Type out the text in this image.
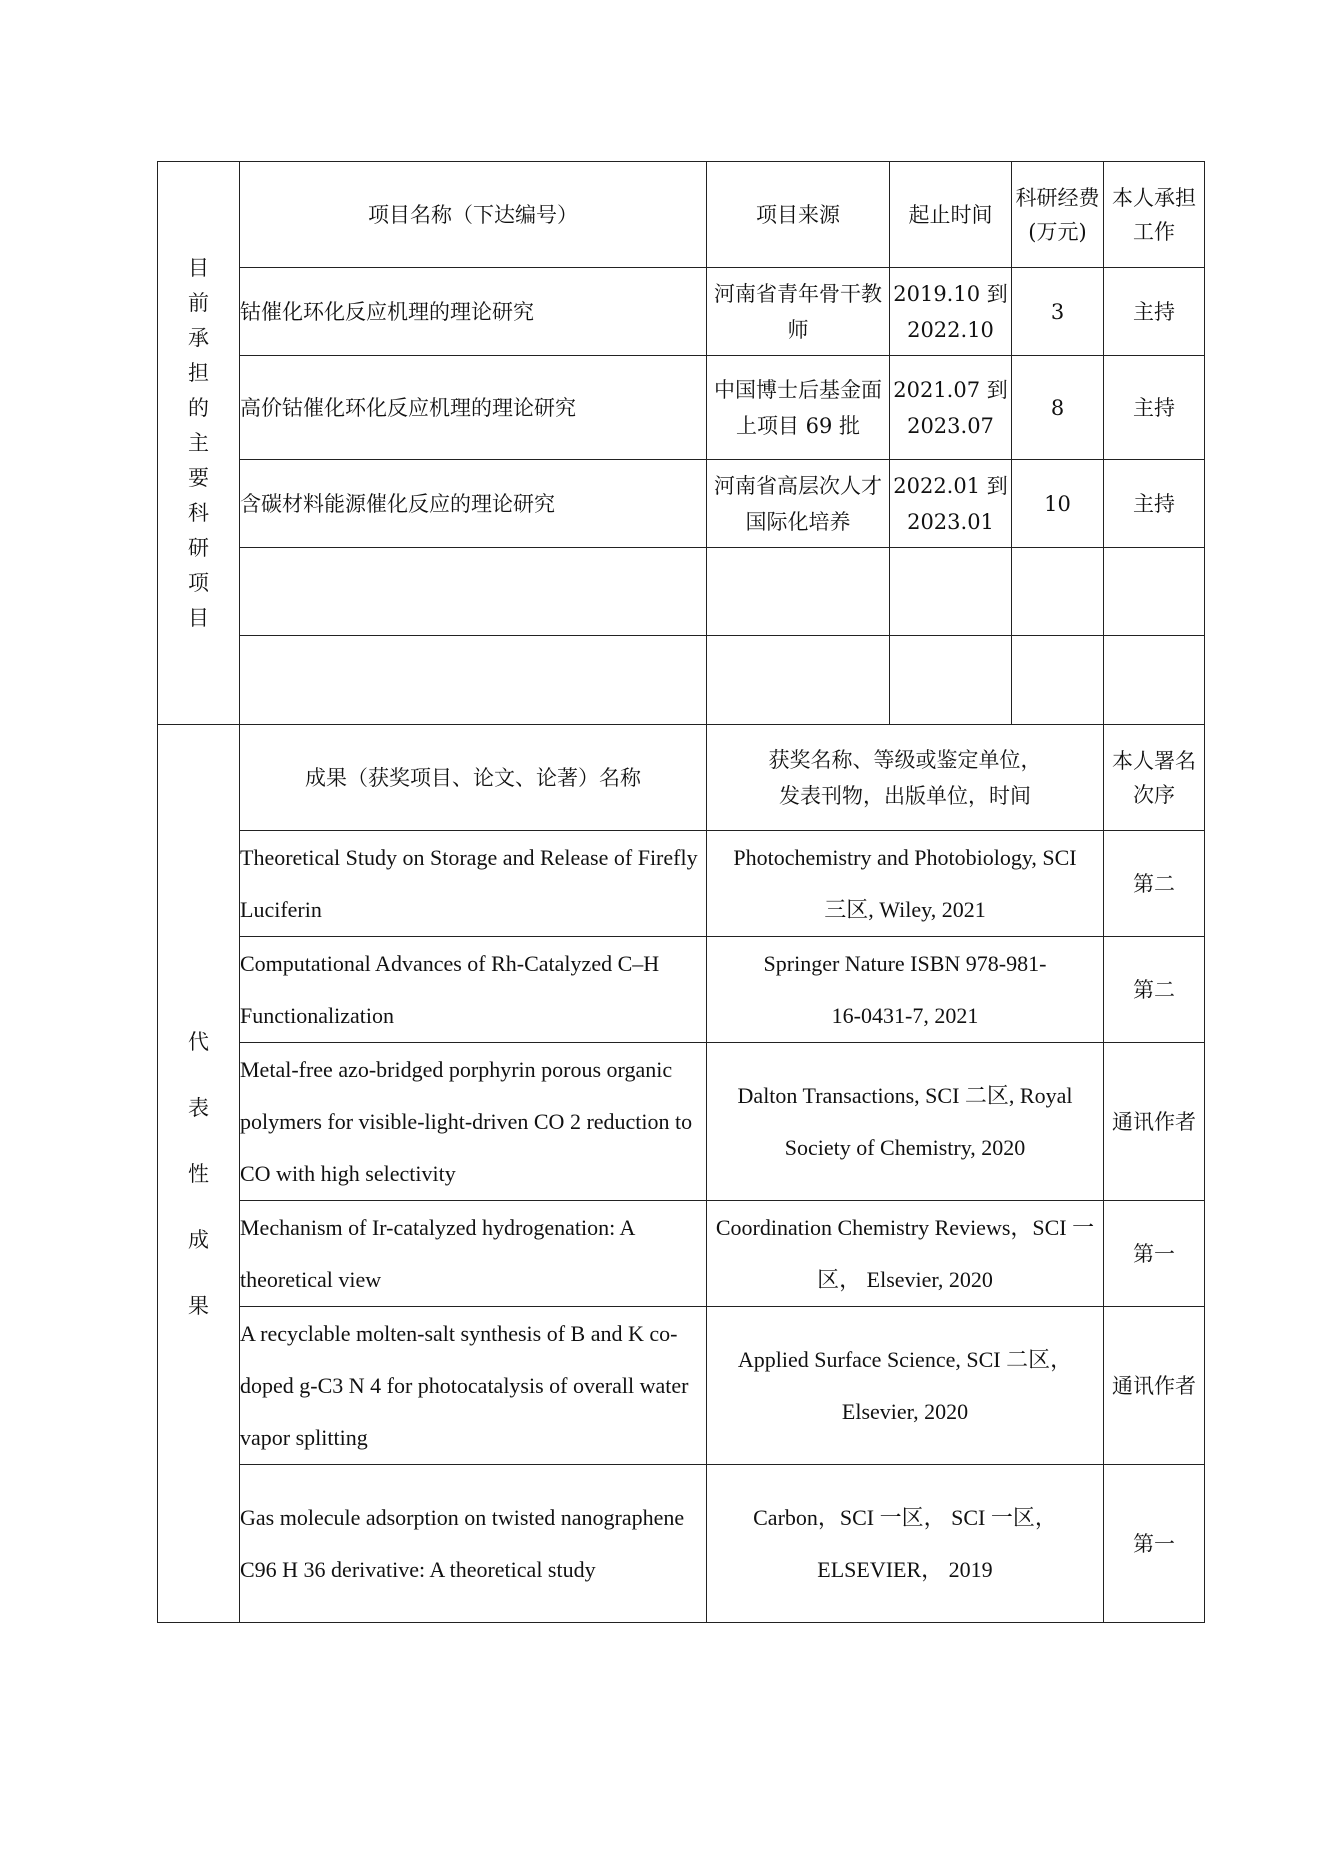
目前承担的主要科研项目	项目名称（下达编号）	项目来源	起止时间	科研经费(万元)	本人承担工作
	钴催化环化反应机理的理论研究	河南省青年骨干教师	2019.10 到 2022.10	3	主持
	高价钴催化环化反应机理的理论研究	中国博士后基金面上项目 69 批	2021.07 到 2023.07	8	主持
	含碳材料能源催化反应的理论研究	河南省高层次人才国际化培养	2022.01 到 2023.01	10	主持

代表性成果	成果（获奖项目、论文、论著）名称	获奖名称、等级或鉴定单位，发表刊物，出版单位，时间			本人署名次序
	Theoretical Study on Storage and Release of Firefly Luciferin	Photochemistry and Photobiology, SCI 三区, Wiley, 2021			第二
	Computational Advances of Rh-Catalyzed C–H Functionalization	Springer Nature ISBN 978-981-16-0431-7, 2021			第二
	Metal-free azo-bridged porphyrin porous organic polymers for visible-light-driven CO 2 reduction to CO with high selectivity	Dalton Transactions, SCI 二区, Royal Society of Chemistry, 2020			通讯作者
	Mechanism of Ir-catalyzed hydrogenation: A theoretical view	Coordination Chemistry Reviews，SCI 一区， Elsevier, 2020			第一
	A recyclable molten-salt synthesis of B and K co-doped g-C3 N 4 for photocatalysis of overall water vapor splitting	Applied Surface Science, SCI 二区， Elsevier, 2020			通讯作者
	Gas molecule adsorption on twisted nanographene C96 H 36 derivative: A theoretical study	Carbon，SCI 一区， SCI 一区， ELSEVIER， 2019			第一
